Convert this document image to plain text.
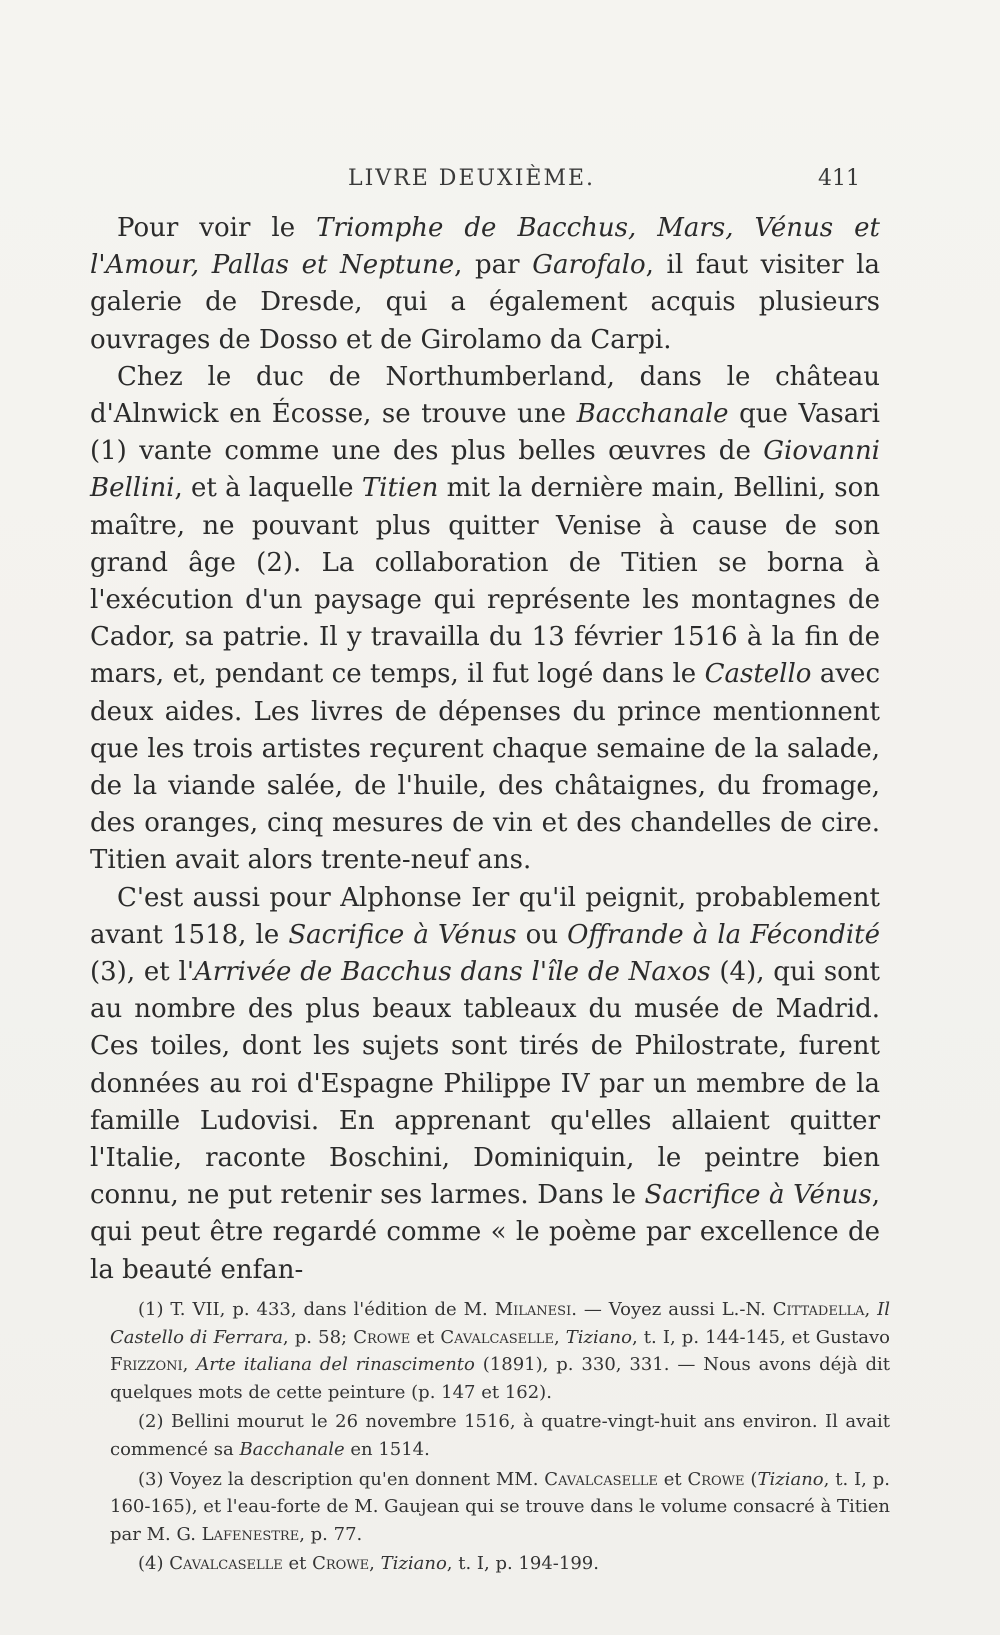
LIVRE DEUXIÈME.	411

Pour voir le Triomphe de Bacchus, Mars, Vénus et l'Amour, Pallas et Neptune, par Garofalo, il faut visiter la galerie de Dresde, qui a également acquis plusieurs ouvrages de Dosso et de Girolamo da Carpi.

Chez le duc de Northumberland, dans le château d'Alnwick en Écosse, se trouve une Bacchanale que Vasari (1) vante comme une des plus belles œuvres de Giovanni Bellini, et à laquelle Titien mit la dernière main, Bellini, son maître, ne pouvant plus quitter Venise à cause de son grand âge (2). La collaboration de Titien se borna à l'exécution d'un paysage qui représente les montagnes de Cador, sa patrie. Il y travailla du 13 février 1516 à la fin de mars, et, pendant ce temps, il fut logé dans le Castello avec deux aides. Les livres de dépenses du prince mentionnent que les trois artistes reçurent chaque semaine de la salade, de la viande salée, de l'huile, des châtaignes, du fromage, des oranges, cinq mesures de vin et des chandelles de cire. Titien avait alors trente-neuf ans.

C'est aussi pour Alphonse Ier qu'il peignit, probablement avant 1518, le Sacrifice à Vénus ou Offrande à la Fécondité (3), et l'Arrivée de Bacchus dans l'île de Naxos (4), qui sont au nombre des plus beaux tableaux du musée de Madrid. Ces toiles, dont les sujets sont tirés de Philostrate, furent données au roi d'Espagne Philippe IV par un membre de la famille Ludovisi. En apprenant qu'elles allaient quitter l'Italie, raconte Boschini, Dominiquin, le peintre bien connu, ne put retenir ses larmes. Dans le Sacrifice à Vénus, qui peut être regardé comme « le poème par excellence de la beauté enfan-

(1) T. VII, p. 433, dans l'édition de M. Milanesi. — Voyez aussi L.-N. Cittadella, Il Castello di Ferrara, p. 58; Crowe et Cavalcaselle, Tiziano, t. I, p. 144-145, et Gustavo Frizzoni, Arte italiana del rinascimento (1891), p. 330, 331. — Nous avons déjà dit quelques mots de cette peinture (p. 147 et 162).

(2) Bellini mourut le 26 novembre 1516, à quatre-vingt-huit ans environ. Il avait commencé sa Bacchanale en 1514.

(3) Voyez la description qu'en donnent MM. Cavalcaselle et Crowe (Tiziano, t. I, p. 160-165), et l'eau-forte de M. Gaujean qui se trouve dans le volume consacré à Titien par M. G. Lafenestre, p. 77.

(4) Cavalcaselle et Crowe, Tiziano, t. I, p. 194-199.
